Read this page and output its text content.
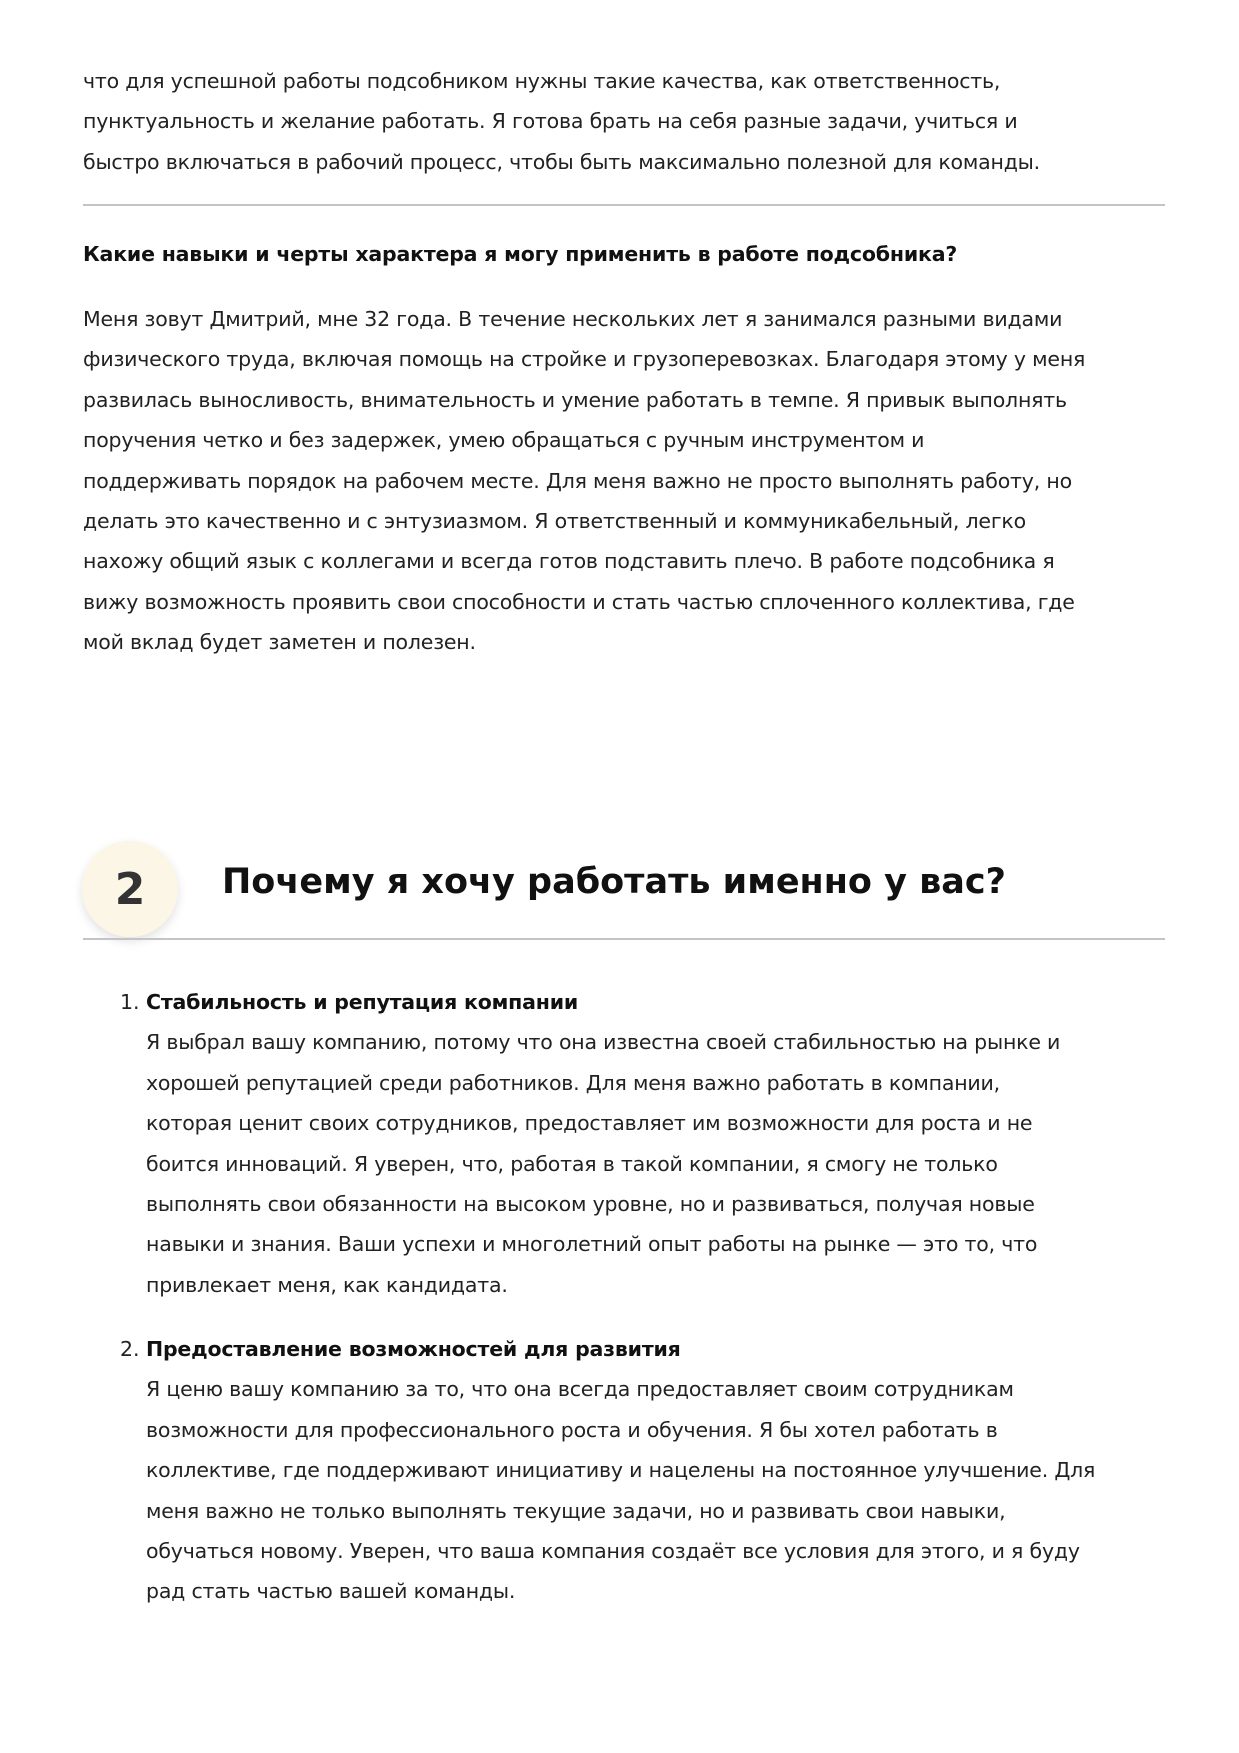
что для успешной работы подсобником нужны такие качества, как ответственность,
пунктуальность и желание работать. Я готова брать на себя разные задачи, учиться и
быстро включаться в рабочий процесс, чтобы быть максимально полезной для команды.
Какие навыки и черты характера я могу применить в работе подсобника?
Меня зовут Дмитрий, мне 32 года. В течение нескольких лет я занимался разными видами
физического труда, включая помощь на стройке и грузоперевозках. Благодаря этому у меня
развилась выносливость, внимательность и умение работать в темпе. Я привык выполнять
поручения четко и без задержек, умею обращаться с ручным инструментом и
поддерживать порядок на рабочем месте. Для меня важно не просто выполнять работу, но
делать это качественно и с энтузиазмом. Я ответственный и коммуникабельный, легко
нахожу общий язык с коллегами и всегда готов подставить плечо. В работе подсобника я
вижу возможность проявить свои способности и стать частью сплоченного коллектива, где
мой вклад будет заметен и полезен.
2	Почему я хочу работать именно у вас?
1. Стабильность и репутация компании
Я выбрал вашу компанию, потому что она известна своей стабильностью на рынке и
хорошей репутацией среди работников. Для меня важно работать в компании,
которая ценит своих сотрудников, предоставляет им возможности для роста и не
боится инноваций. Я уверен, что, работая в такой компании, я смогу не только
выполнять свои обязанности на высоком уровне, но и развиваться, получая новые
навыки и знания. Ваши успехи и многолетний опыт работы на рынке — это то, что
привлекает меня, как кандидата.
2. Предоставление возможностей для развития
Я ценю вашу компанию за то, что она всегда предоставляет своим сотрудникам
возможности для профессионального роста и обучения. Я бы хотел работать в
коллективе, где поддерживают инициативу и нацелены на постоянное улучшение. Для
меня важно не только выполнять текущие задачи, но и развивать свои навыки,
обучаться новому. Уверен, что ваша компания создаёт все условия для этого, и я буду
рад стать частью вашей команды.
